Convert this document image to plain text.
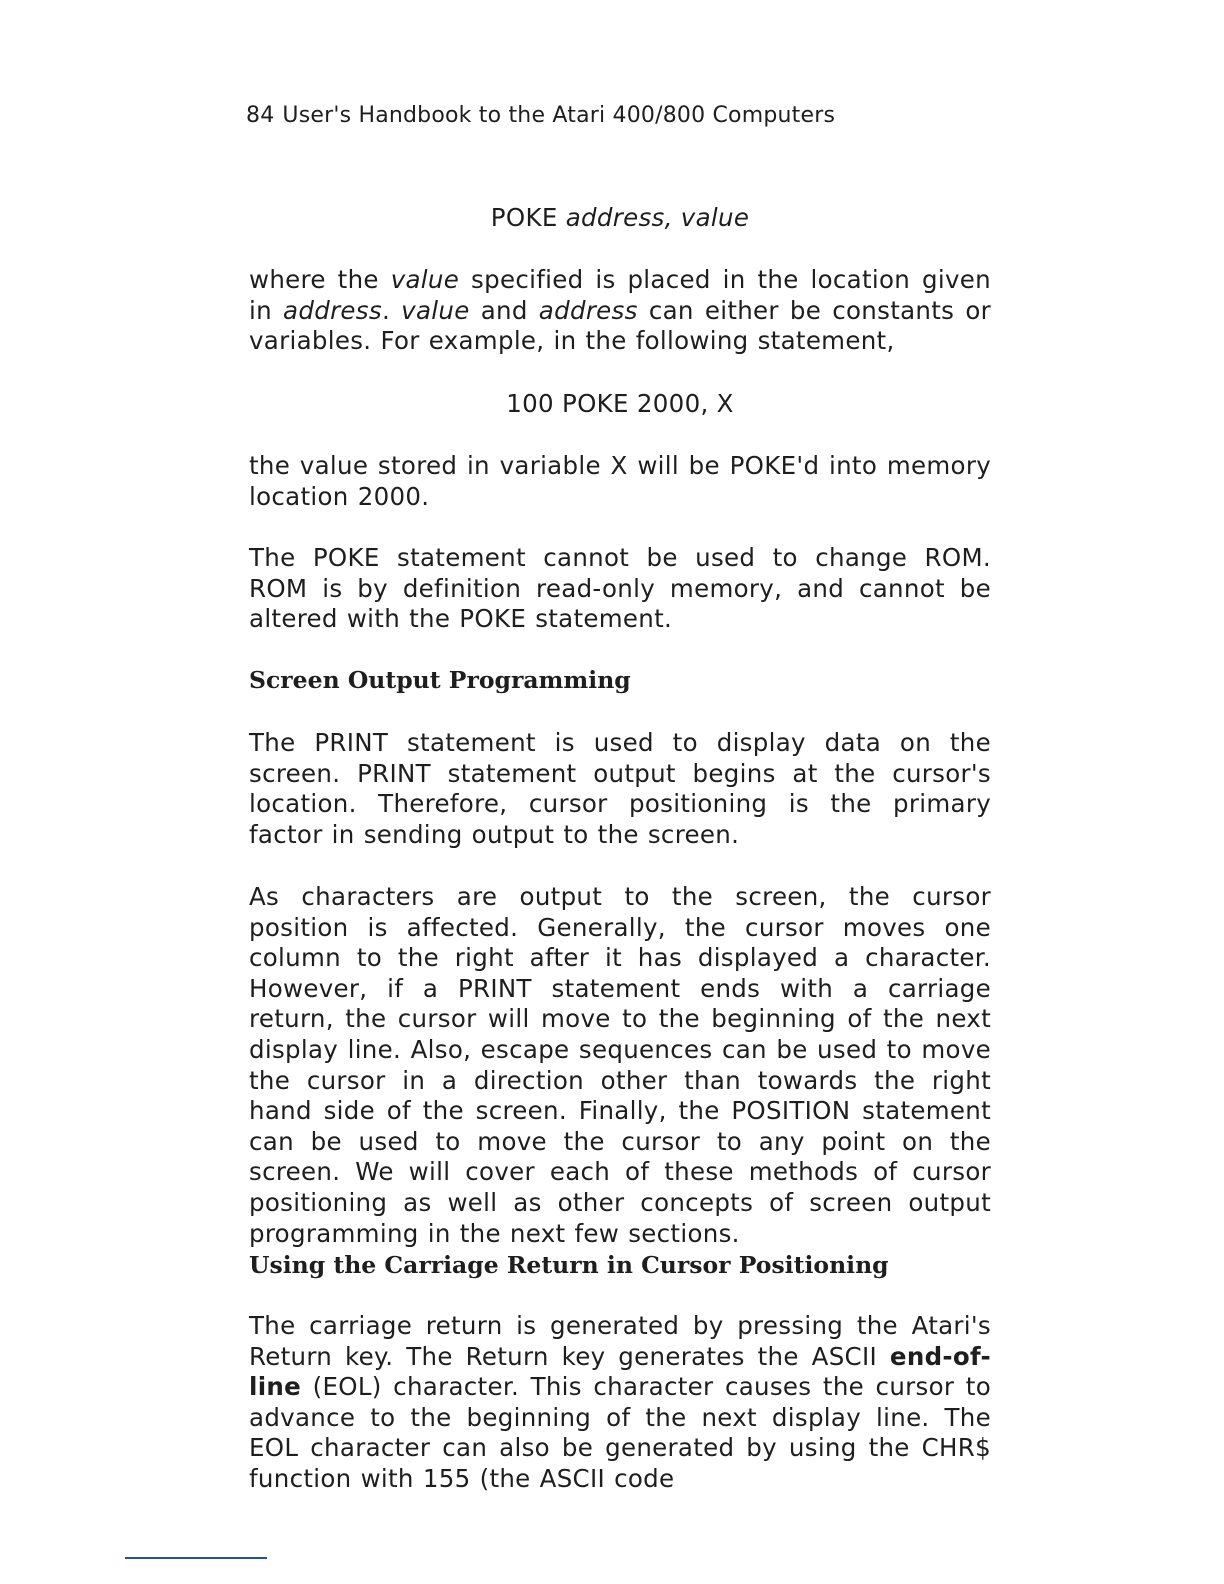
84 User's Handbook to the Atari 400/800 Computers
POKE address, value
where the value specified is placed in the location given in address. value and address can either be constants or variables. For example, in the following statement,
100 POKE 2000, X
the value stored in variable X will be POKE'd into memory location 2000.
The POKE statement cannot be used to change ROM. ROM is by definition read-only memory, and cannot be altered with the POKE statement.
Screen Output Programming
The PRINT statement is used to display data on the screen. PRINT statement output begins at the cursor's location. Therefore, cursor positioning is the primary factor in sending output to the screen.
As characters are output to the screen, the cursor position is affected. Generally, the cursor moves one column to the right after it has displayed a character. However, if a PRINT statement ends with a carriage return, the cursor will move to the beginning of the next display line. Also, escape sequences can be used to move the cursor in a direction other than towards the right hand side of the screen. Finally, the POSITION statement can be used to move the cursor to any point on the screen. We will cover each of these methods of cursor positioning as well as other concepts of screen output programming in the next few sections.
Using the Carriage Return in Cursor Positioning
The carriage return is generated by pressing the Atari's Return key. The Return key generates the ASCII end-of-line (EOL) character. This character causes the cursor to advance to the beginning of the next display line. The EOL character can also be generated by using the CHR$ function with 155 (the ASCII code
